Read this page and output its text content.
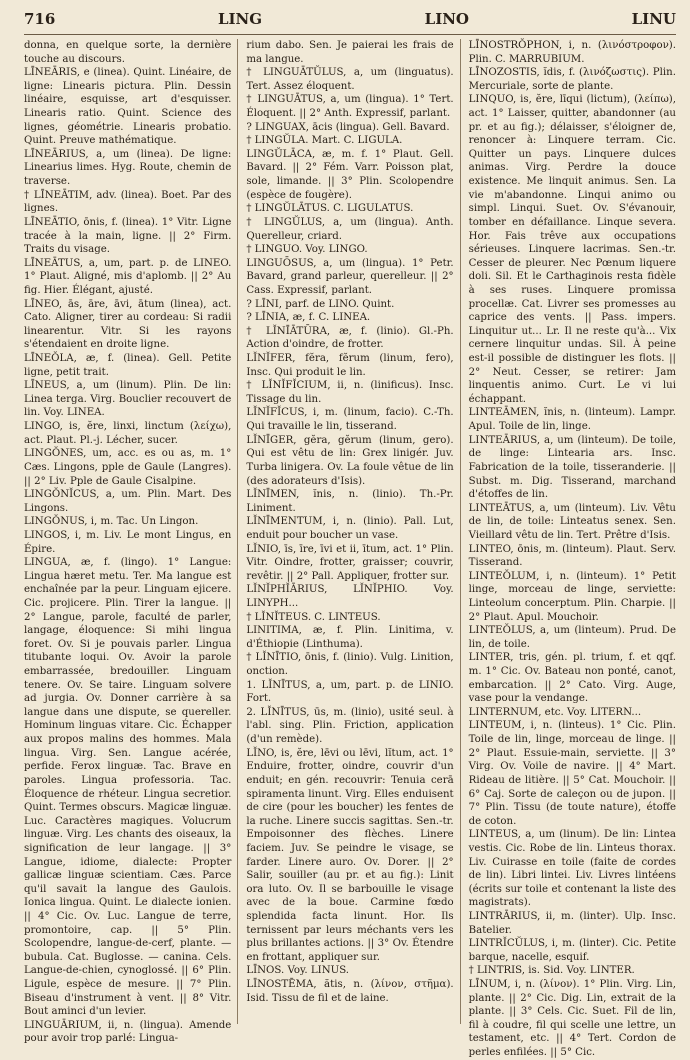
716	LING	LINO	LINU

donna, en quelque sorte, la dernière touche au discours.

LĪNEĀRIS, e (linea). Quint. Linéaire, de ligne: Linearis pictura. Plin. Dessin linéaire, esquisse, art d'esquisser. Linearis ratio. Quint. Science des lignes, géométrie. Linearis probatio. Quint. Preuve mathématique.

LĪNEĀRIUS, a, um (linea). De ligne: Linearius limes. Hyg. Route, chemin de traverse.

† LĪNEĀTIM, adv. (linea). Boet. Par des lignes.

LĪNEĀTIO, ōnis, f. (linea). 1° Vitr. Ligne tracée à la main, ligne. || 2° Firm. Traits du visage.

LĪNEĀTUS, a, um, part. p. de LINEO. 1° Plaut. Aligné, mis d'aplomb. || 2° Au fig. Hier. Élégant, ajusté.

LĪNEO, ās, āre, āvi, ātum (linea), act. Cato. Aligner, tirer au cordeau: Si radii linearentur. Vitr. Si les rayons s'étendaient en droite ligne.

LĪNEŎLA, æ, f. (linea). Gell. Petite ligne, petit trait.

LĪNEUS, a, um (linum). Plin. De lin: Linea terga. Virg. Bouclier recouvert de lin. Voy. LINEA.

LINGO, is, ĕre, linxi, linctum (λείχω), act. Plaut. Pl.-j. Lécher, sucer.

LINGŎNES, um, acc. es ou as, m. 1° Cæs. Lingons, pple de Gaule (Langres). || 2° Liv. Pple de Gaule Cisalpine.

LINGŎNĬCUS, a, um. Plin. Mart. Des Lingons.

LINGŎNUS, i, m. Tac. Un Lingon.

LINGOS, i, m. Liv. Le mont Lingus, en Épire.

LINGUA, æ, f. (lingo). 1° Langue: Lingua hæret metu. Ter. Ma langue est enchaînée par la peur. Linguam ejicere. Cic. projicere. Plin. Tirer la langue. || 2° Langue, parole, faculté de parler, langage, éloquence: Si mihi lingua foret. Ov. Si je pouvais parler. Lingua titubante loqui. Ov. Avoir la parole embarrassée, bredouiller. Linguam tenere. Ov. Se taire. Linguam solvere ad jurgia. Ov. Donner carrière à sa langue dans une dispute, se quereller. Hominum linguas vitare. Cic. Échapper aux propos malins des hommes. Mala lingua. Virg. Sen. Langue acérée, perfide. Ferox linguæ. Tac. Brave en paroles. Lingua professoria. Tac. Éloquence de rhéteur. Lingua secretior. Quint. Termes obscurs. Magicæ linguæ. Luc. Caractères magiques. Volucrum linguæ. Virg. Les chants des oiseaux, la signification de leur langage. || 3° Langue, idiome, dialecte: Propter gallicæ linguæ scientiam. Cæs. Parce qu'il savait la langue des Gaulois. Ionica lingua. Quint. Le dialecte ionien. || 4° Cic. Ov. Luc. Langue de terre, promontoire, cap. || 5° Plin. Scolopendre, langue-de-cerf, plante. — bubula. Cat. Buglosse. — canina. Cels. Langue-de-chien, cynoglossé. || 6° Plin. Ligule, espèce de mesure. || 7° Plin. Biseau d'instrument à vent. || 8° Vitr. Bout aminci d'un levier.

LINGUĀRIUM, ii, n. (lingua). Amende pour avoir trop parlé: Lingua-

rium dabo. Sen. Je paierai les frais de ma langue.

† LINGUĀTŬLUS, a, um (linguatus). Tert. Assez éloquent.

† LINGUĀTUS, a, um (lingua). 1° Tert. Éloquent. || 2° Anth. Expressif, parlant.

? LINGUAX, ācis (lingua). Gell. Bavard.

† LINGŬLA. Mart. C. LIGULA.

LINGŬLĀCA, æ, m. f. 1° Plaut. Gell. Bavard. || 2° Fém. Varr. Poisson plat, sole, limande. || 3° Plin. Scolopendre (espèce de fougère).

† LINGŬLĀTUS. C. LIGULATUS.

† LINGŬLUS, a, um (lingua). Anth. Querelleur, criard.

† LINGUO. Voy. LINGO.

LINGUŌSUS, a, um (lingua). 1° Petr. Bavard, grand parleur, querelleur. || 2° Cass. Expressif, parlant.

? LĪNI, parf. de LINO. Quint.

? LĪNIA, æ, f. C. LINEA.

† LĬNĪĀTŪRA, æ, f. (linio). Gl.-Ph. Action d'oindre, de frotter.

LĬNĬFER, fĕra, fĕrum (linum, fero), Insc. Qui produit le lin.

† LĬNĬFĬCIUM, ii, n. (linificus). Insc. Tissage du lin.

LĬNĬFĬCUS, i, m. (linum, facio). C.-Th. Qui travaille le lin, tisserand.

LĬNĪGER, gĕra, gĕrum (linum, gero). Qui est vêtu de lin: Grex linigér. Juv. Turba linigera. Ov. La foule vêtue de lin (des adorateurs d'Isis).

LĬNĪMEN, ĭnis, n. (linio). Th.-Pr. Liniment.

LĬNĪMENTUM, i, n. (linio). Pall. Lut, enduit pour boucher un vase.

LĬNIO, īs, īre, īvi et ii, ītum, act. 1° Plin. Vitr. Oindre, frotter, graisser; couvrir, revêtir. || 2° Pall. Appliquer, frotter sur.

LĬNĬPHĬĀRIUS, LĬNĬPHIO. Voy. LINYPH...

† LĬNĬTEUS. C. LINTEUS.

LINITIMA, æ, f. Plin. Linitima, v. d'Éthiopie (Linthuma).

† LĬNĪTIO, ōnis, f. (linio). Vulg. Linition, onction.

1. LĬNĪTUS, a, um, part. p. de LINIO. Fort.

2. LĬNĪTUS, ūs, m. (linio), usité seul. à l'abl. sing. Plin. Friction, application (d'un remède).

LĬNO, is, ĕre, lēvi ou lēvi, lĭtum, act. 1° Enduire, frotter, oindre, couvrir d'un enduit; en gén. recouvrir: Tenuia cerā spiramenta linunt. Virg. Elles enduisent de cire (pour les boucher) les fentes de la ruche. Linere succis sagittas. Sen.-tr. Empoisonner des flèches. Linere faciem. Juv. Se peindre le visage, se farder. Linere auro. Ov. Dorer. || 2° Salir, souiller (au pr. et au fig.): Linit ora luto. Ov. Il se barbouille le visage avec de la boue. Carmine fœdo splendida facta linunt. Hor. Ils ternissent par leurs méchants vers les plus brillantes actions. || 3° Ov. Étendre en frottant, appliquer sur.

LĪNOS. Voy. LINUS.

LĪNOSTĒMA, ătis, n. (λίνον, στῆμα). Isid. Tissu de fil et de laine.

LĪNOSTRŎPHON, i, n. (λινόστροφον). Plin. C. MARRUBIUM.

LĪNOZOSTIS, ĭdis, f. (λινόζωστις). Plin. Mercuriale, sorte de plante.

LINQUO, is, ĕre, līqui (lictum), (λείπω), act. 1° Laisser, quitter, abandonner (au pr. et au fig.); délaisser, s'éloigner de, renoncer à: Linquere terram. Cic. Quitter un pays. Linquere dulces animas. Virg. Perdre la douce existence. Me linquit animus. Sen. La vie m'abandonne. Linqui animo ou simpl. Linqui. Suet. Ov. S'évanouir, tomber en défaillance. Linque severa. Hor. Fais trêve aux occupations sérieuses. Linquere lacrimas. Sen.-tr. Cesser de pleurer. Nec Pœnum liquere doli. Sil. Et le Carthaginois resta fidèle à ses ruses. Linquere promissa procellæ. Cat. Livrer ses promesses au caprice des vents. || Pass. impers. Linquitur ut... Lr. Il ne reste qu'à... Vix cernere linquitur undas. Sil. À peine est-il possible de distinguer les flots. || 2° Neut. Cesser, se retirer: Jam linquentis animo. Curt. Le vi lui échappant.

LINTEĀMEN, ĭnis, n. (linteum). Lampr. Apul. Toile de lin, linge.

LINTEĀRIUS, a, um (linteum). De toile, de linge: Lintearia ars. Insc. Fabrication de la toile, tisseranderie. || Subst. m. Dig. Tisserand, marchand d'étoffes de lin.

LINTEĀTUS, a, um (linteum). Liv. Vêtu de lin, de toile: Linteatus senex. Sen. Vieillard vêtu de lin. Tert. Prêtre d'Isis.

LINTEO, ōnis, m. (linteum). Plaut. Serv. Tisserand.

LINTEŎLUM, i, n. (linteum). 1° Petit linge, morceau de linge, serviette: Linteolum concerptum. Plin. Charpie. || 2° Plaut. Apul. Mouchoir.

LINTEŎLUS, a, um (linteum). Prud. De lin, de toile.

LINTER, tris, gén. pl. trium, f. et qqf. m. 1° Cic. Ov. Bateau non ponté, canot, embarcation. || 2° Cato. Virg. Auge, vase pour la vendange.

LINTERNUM, etc. Voy. LITERN...

LINTEUM, i, n. (linteus). 1° Cic. Plin. Toile de lin, linge, morceau de linge. || 2° Plaut. Essuie-main, serviette. || 3° Virg. Ov. Voile de navire. || 4° Mart. Rideau de litière. || 5° Cat. Mouchoir. || 6° Caj. Sorte de caleçon ou de jupon. || 7° Plin. Tissu (de toute nature), étoffe de coton.

LINTEUS, a, um (linum). De lin: Lintea vestis. Cic. Robe de lin. Linteus thorax. Liv. Cuirasse en toile (faite de cordes de lin). Libri lintei. Liv. Livres lintéens (écrits sur toile et contenant la liste des magistrats).

LINTRĀRIUS, ii, m. (linter). Ulp. Insc. Batelier.

LINTRĬCŬLUS, i, m. (linter). Cic. Petite barque, nacelle, esquif.

† LINTRIS, is. Sid. Voy. LINTER.

LĪNUM, i, n. (λίνον). 1° Plin. Virg. Lin, plante. || 2° Cic. Dig. Lin, extrait de la plante. || 3° Cels. Cic. Suet. Fil de lin, fil à coudre, fil qui scelle une lettre, un testament, etc. || 4° Tert. Cordon de perles enfilées. || 5° Cic.
